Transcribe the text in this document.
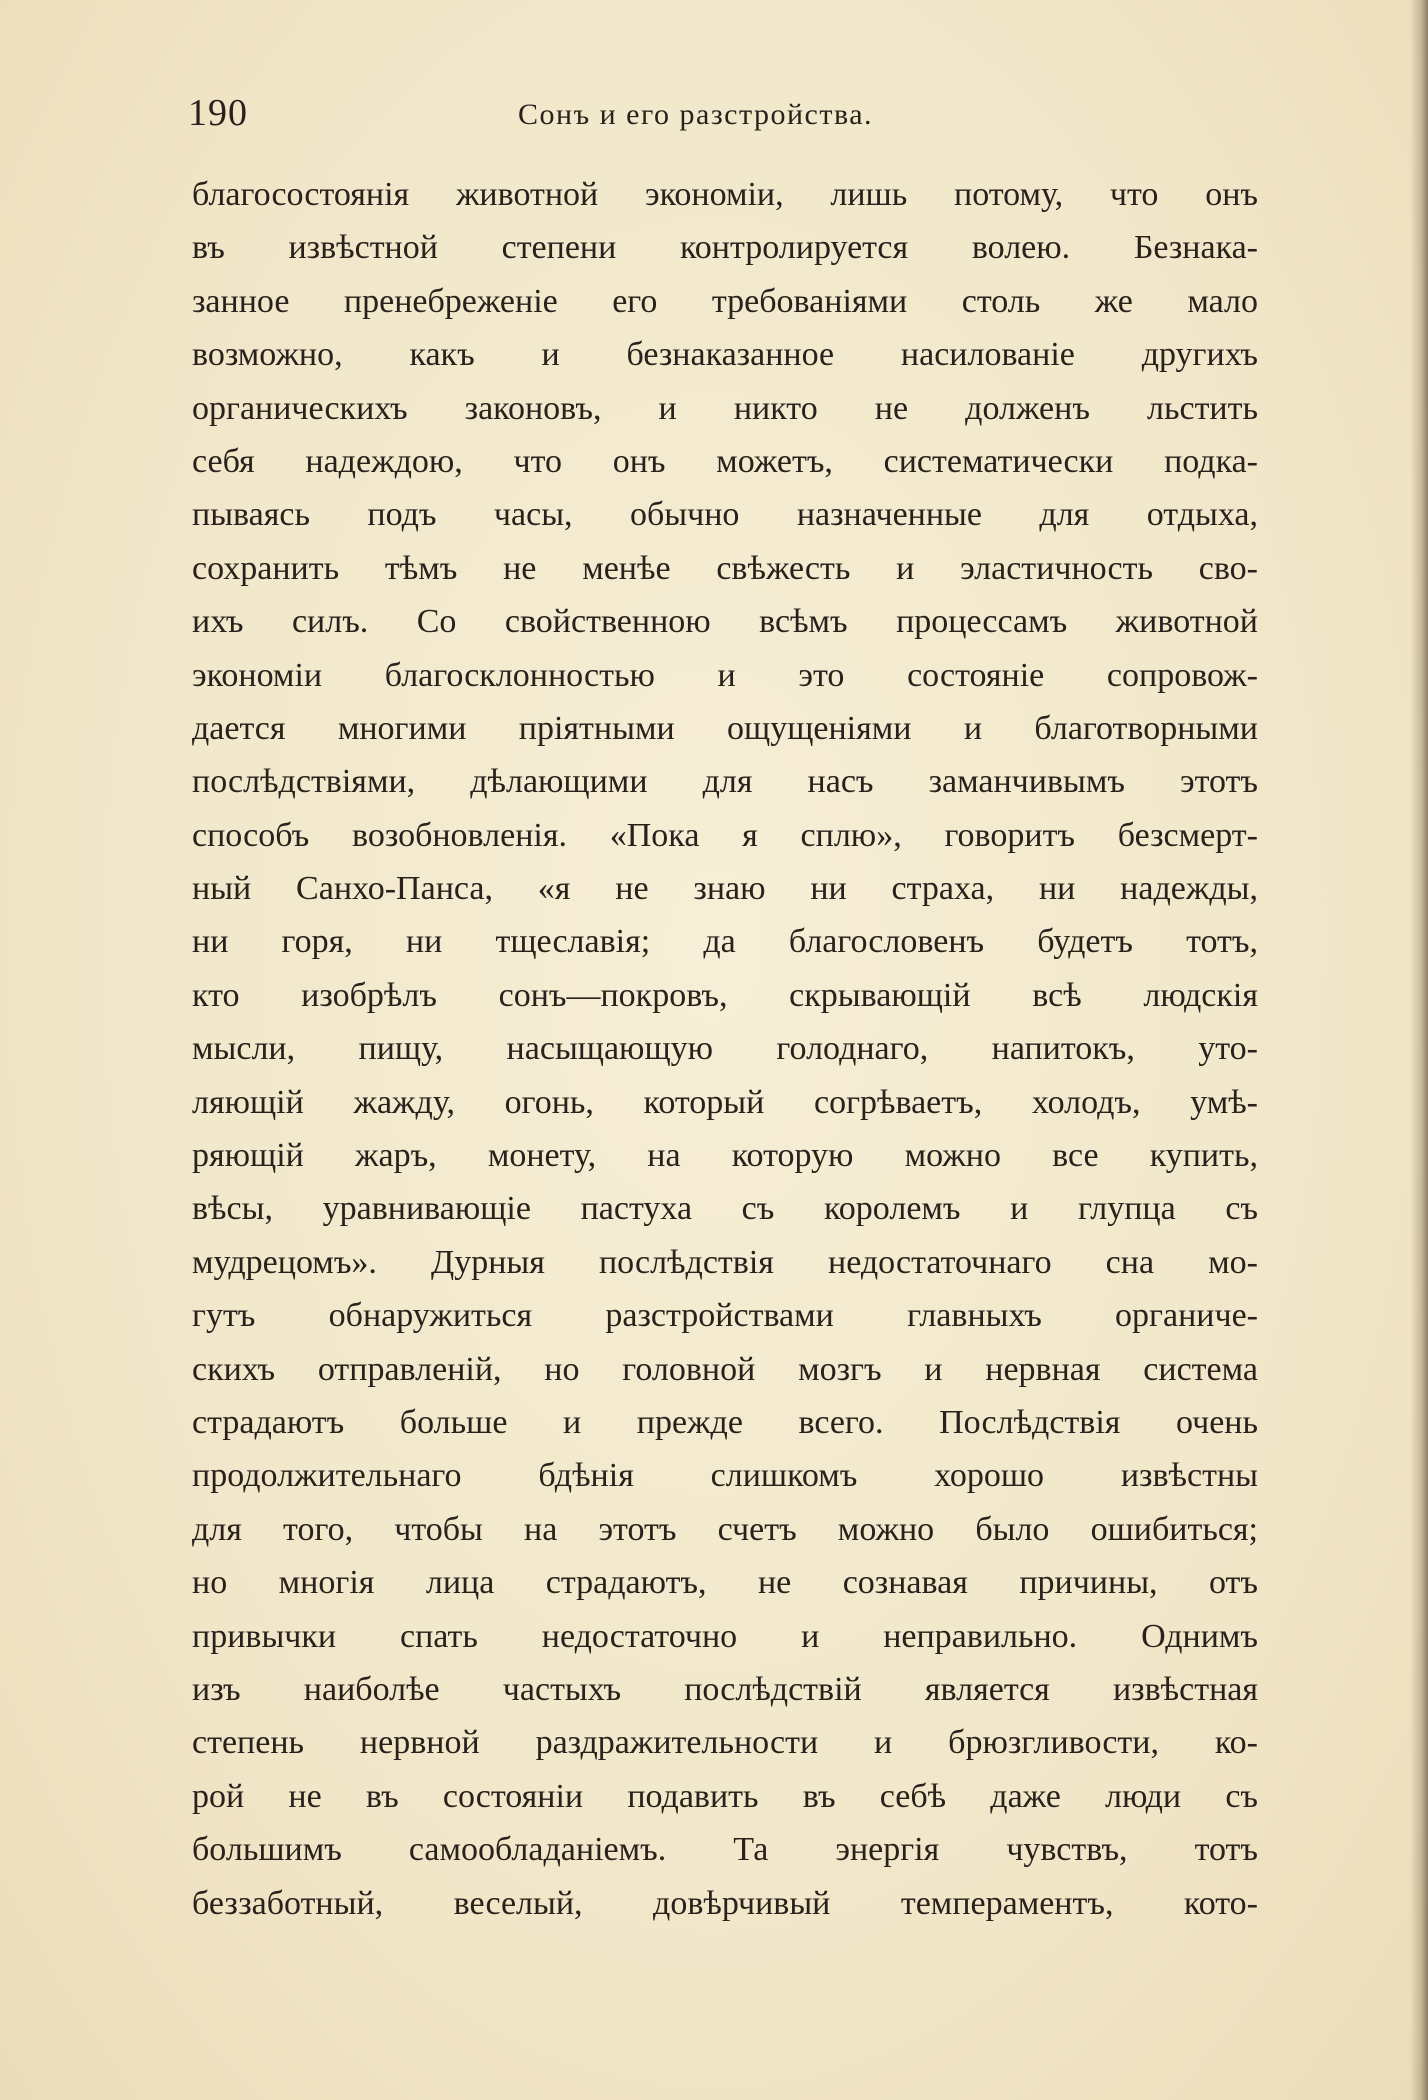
190	Сонъ и его разстройства.
благосостоянія животной экономіи, лишь потому, что онъ
въ извѣстной степени контролируется волею. Безнака-
занное пренебреженіе его требованіями столь же мало
возможно, какъ и безнаказанное насилованіе другихъ
органическихъ законовъ, и никто не долженъ льстить
себя надеждою, что онъ можетъ, систематически подка-
пываясь подъ часы, обычно назначенные для отдыха,
сохранить тѣмъ не менѣе свѣжесть и эластичность сво-
ихъ силъ. Со свойственною всѣмъ процессамъ животной
экономіи благосклонностью и это состояніе сопровож-
дается многими пріятными ощущеніями и благотворными
послѣдствіями, дѣлающими для насъ заманчивымъ этотъ
способъ возобновленія. «Пока я сплю», говоритъ безсмерт-
ный Санхо-Панса, «я не знаю ни страха, ни надежды,
ни горя, ни тщеславія; да благословенъ будетъ тотъ,
кто изобрѣлъ сонъ—покровъ, скрывающій всѣ людскія
мысли, пищу, насыщающую голоднаго, напитокъ, уто-
ляющій жажду, огонь, который согрѣваетъ, холодъ, умѣ-
ряющій жаръ, монету, на которую можно все купить,
вѣсы, уравнивающіе пастуха съ королемъ и глупца съ
мудрецомъ». Дурныя послѣдствія недостаточнаго сна мо-
гутъ обнаружиться разстройствами главныхъ органиче-
скихъ отправленій, но головной мозгъ и нервная система
страдаютъ больше и прежде всего. Послѣдствія очень
продолжительнаго бдѣнія слишкомъ хорошо извѣстны
для того, чтобы на этотъ счетъ можно было ошибиться;
но многія лица страдаютъ, не сознавая причины, отъ
привычки спать недостаточно и неправильно. Однимъ
изъ наиболѣе частыхъ послѣдствій является извѣстная
степень нервной раздражительности и брюзгливости, ко-
рой не въ состояніи подавить въ себѣ даже люди съ
большимъ самообладаніемъ. Та энергія чувствъ, тотъ
беззаботный, веселый, довѣрчивый темпераментъ, кото-
